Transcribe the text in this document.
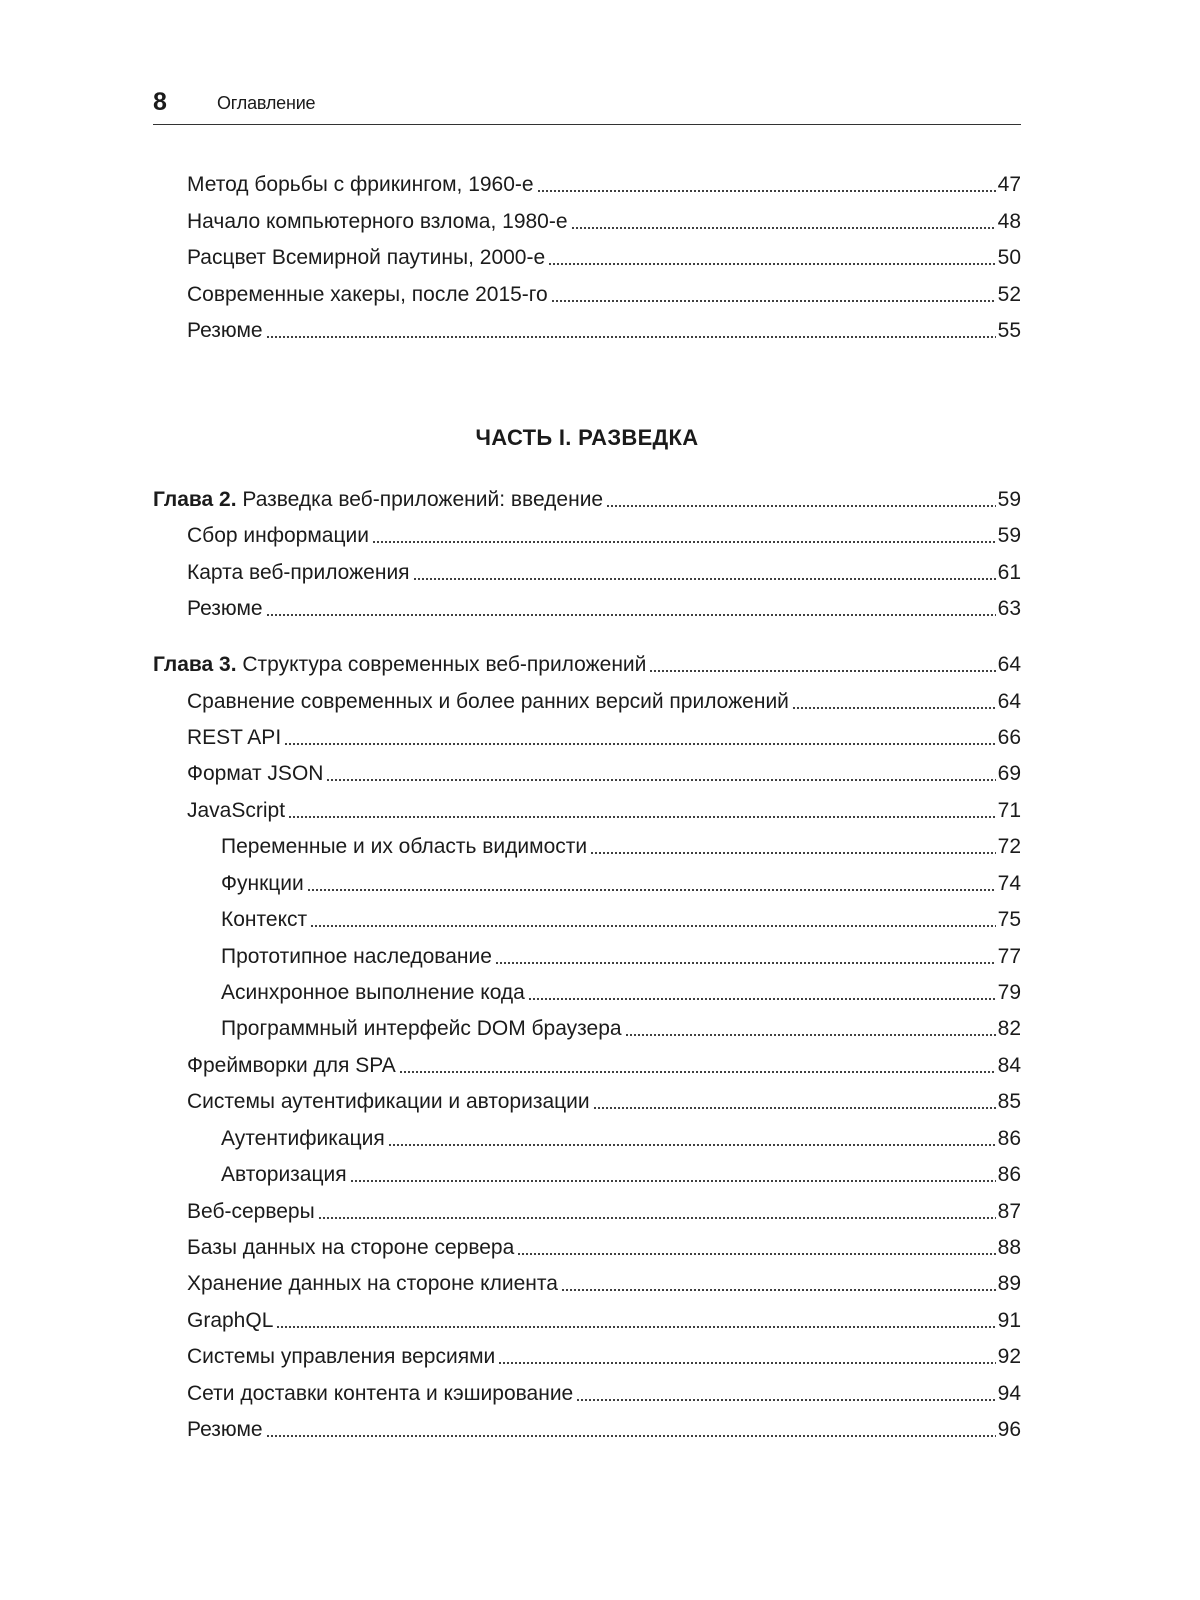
8	Оглавление
ЧАСТЬ I. РАЗВЕДКА
Метод борьбы с фрикингом, 1960-е	47
Начало компьютерного взлома, 1980-е	48
Расцвет Всемирной паутины, 2000-е	50
Современные хакеры, после 2015-го	52
Резюме	55
Глава 2. Разведка веб-приложений: введение	59
Сбор информации	59
Карта веб-приложения	61
Резюме	63
Глава 3. Структура современных веб-приложений	64
Сравнение современных и более ранних версий приложений	64
REST API	66
Формат JSON	69
JavaScript	71
Переменные и их область видимости	72
Функции	74
Контекст	75
Прототипное наследование	77
Асинхронное выполнение кода	79
Программный интерфейс DOM браузера	82
Фреймворки для SPA	84
Системы аутентификации и авторизации	85
Аутентификация	86
Авторизация	86
Веб-серверы	87
Базы данных на стороне сервера	88
Хранение данных на стороне клиента	89
GraphQL	91
Системы управления версиями	92
Сети доставки контента и кэширование	94
Резюме	96
